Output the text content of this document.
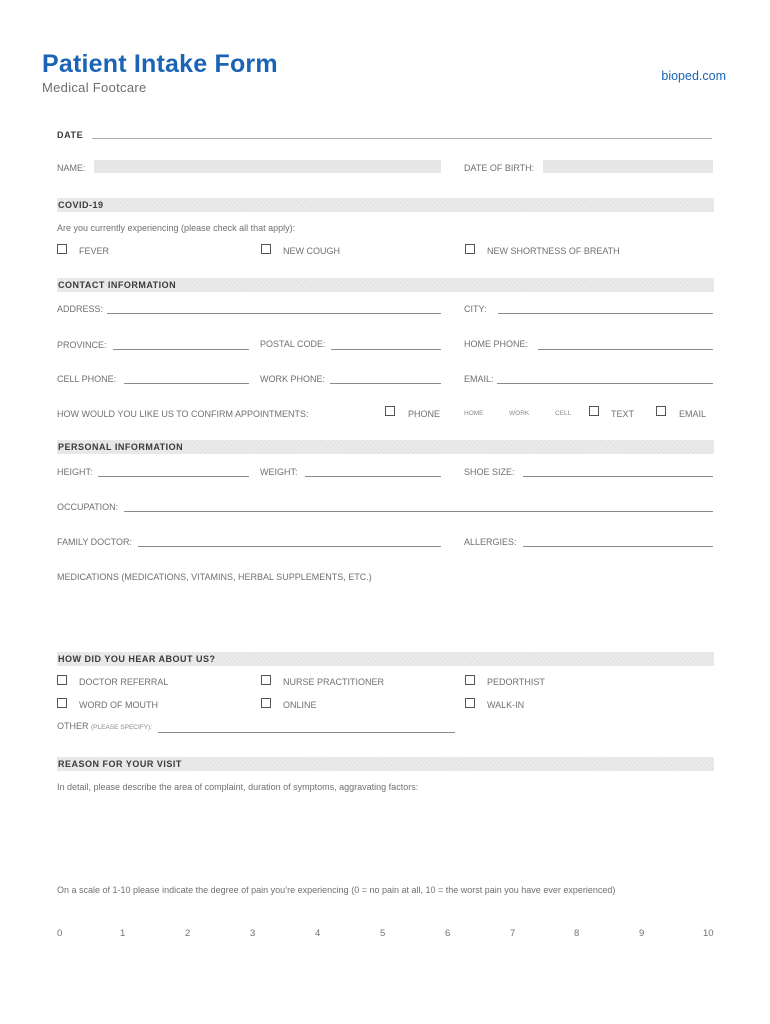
Patient Intake Form
Medical Footcare
bioped.com
DATE
NAME:	DATE OF BIRTH:
COVID-19
Are you currently experiencing (please check all that apply):
FEVER	NEW COUGH	NEW SHORTNESS OF BREATH
CONTACT INFORMATION
ADDRESS:	CITY:
PROVINCE:	POSTAL CODE:	HOME PHONE:
CELL PHONE:	WORK PHONE:	EMAIL:
HOW WOULD YOU LIKE US TO CONFIRM APPOINTMENTS:	PHONE	HOME	WORK	CELL	TEXT	EMAIL
PERSONAL INFORMATION
HEIGHT:	WEIGHT:	SHOE SIZE:
OCCUPATION:
FAMILY DOCTOR:	ALLERGIES:
MEDICATIONS (MEDICATIONS, VITAMINS, HERBAL SUPPLEMENTS, ETC.)
HOW DID YOU HEAR ABOUT US?
DOCTOR REFERRAL	NURSE PRACTITIONER	PEDORTHIST
WORD OF MOUTH	ONLINE	WALK-IN
OTHER (PLEASE SPECIFY):
REASON FOR YOUR VISIT
In detail, please describe the area of complaint, duration of symptoms, aggravating factors:
On a scale of 1-10 please indicate the degree of pain you’re experiencing (0 = no pain at all, 10 = the worst pain you have ever experienced)
0	1	2	3	4	5	6	7	8	9	10
